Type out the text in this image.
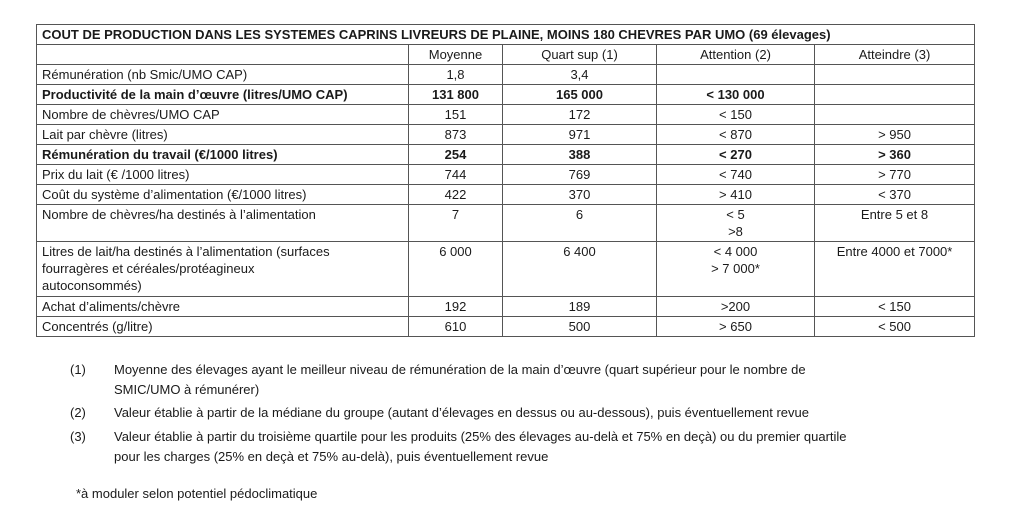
COUT DE PRODUCTION DANS LES SYSTEMES CAPRINS LIVREURS DE PLAINE, MOINS 180 CHEVRES PAR UMO (69 élevages)				
	Moyenne	Quart sup (1)	Attention (2)	Atteindre (3)
Rémunération (nb Smic/UMO CAP)	1,8	3,4	

Productivité de la main d’œuvre (litres/UMO CAP)	131 800	165 000	< 130 000	

Nombre de chèvres/UMO CAP	151	172	< 150	

Lait par chèvre (litres)	873	971	< 870	> 950
Rémunération du travail (€/1000 litres)	254	388	< 270	> 360
Prix du lait (€ /1000 litres)	744	769	< 740	> 770
Coût du système d’alimentation (€/1000 litres)	422	370	> 410	< 370
Nombre de chèvres/ha destinés à l’alimentation	7	6	< 5
>8	Entre 5 et 8

Litres de lait/ha destinés à l’alimentation (surfaces
fourragères et céréales/protéagineux
autoconsommés)	6 000	6 400	< 4 000
> 7 000*	Entre 4000 et 7000*
Achat d’aliments/chèvre	192	189	>200	< 150
Concentrés (g/litre)	610	500	> 650	< 500
(1) Moyenne des élevages ayant le meilleur niveau de rémunération de la main d’œuvre (quart supérieur pour le nombre de
SMIC/UMO à rémunérer)
(2) Valeur établie à partir de la médiane du groupe (autant d’élevages en dessus ou au-dessous), puis éventuellement revue
(3) Valeur établie à partir du troisième quartile pour les produits (25% des élevages au-delà et 75% en deçà) ou du premier quartile
pour les charges (25% en deçà et 75% au-delà), puis éventuellement revue
*à moduler selon potentiel pédoclimatique
